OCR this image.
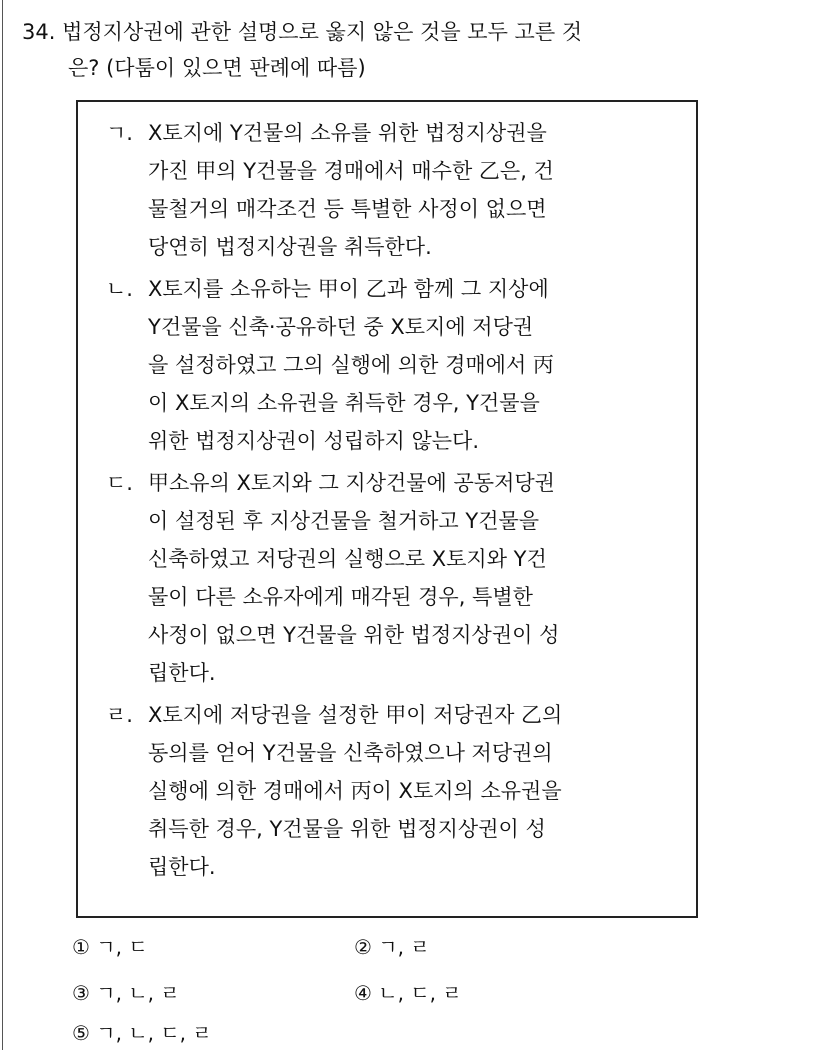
34. 법정지상권에 관한 설명으로 옳지 않은 것을 모두 고른 것
은? (다툼이 있으면 판례에 따름)
ㄱ. X토지에 Y건물의 소유를 위한 법정지상권을
가진 甲의 Y건물을 경매에서 매수한 乙은, 건
물철거의 매각조건 등 특별한 사정이 없으면
당연히 법정지상권을 취득한다.
ㄴ. X토지를 소유하는 甲이 乙과 함께 그 지상에
Y건물을 신축·공유하던 중 X토지에 저당권
을 설정하였고 그의 실행에 의한 경매에서 丙
이 X토지의 소유권을 취득한 경우, Y건물을
위한 법정지상권이 성립하지 않는다.
ㄷ. 甲소유의 X토지와 그 지상건물에 공동저당권
이 설정된 후 지상건물을 철거하고 Y건물을
신축하였고 저당권의 실행으로 X토지와 Y건
물이 다른 소유자에게 매각된 경우, 특별한
사정이 없으면 Y건물을 위한 법정지상권이 성
립한다.
ㄹ. X토지에 저당권을 설정한 甲이 저당권자 乙의
동의를 얻어 Y건물을 신축하였으나 저당권의
실행에 의한 경매에서 丙이 X토지의 소유권을
취득한 경우, Y건물을 위한 법정지상권이 성
립한다.
① ㄱ, ㄷ	② ㄱ, ㄹ
③ ㄱ, ㄴ, ㄹ	④ ㄴ, ㄷ, ㄹ
⑤ ㄱ, ㄴ, ㄷ, ㄹ
